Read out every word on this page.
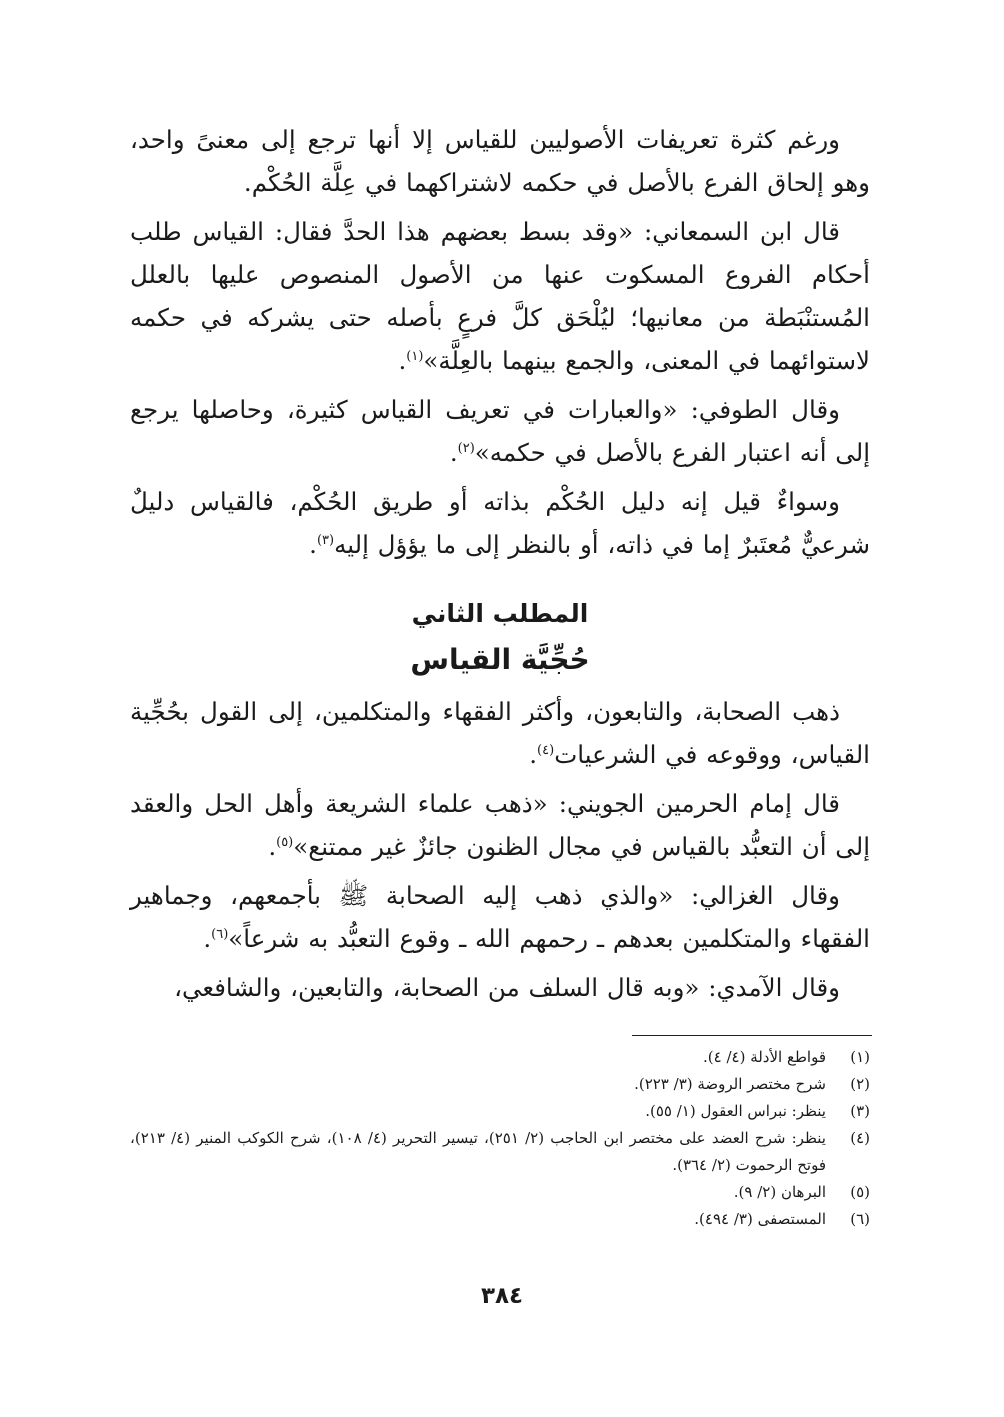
ورغم كثرة تعريفات الأصوليين للقياس إلا أنها ترجع إلى معنىً واحد، وهو إلحاق الفرع بالأصل في حكمه لاشتراكهما في عِلَّة الحُكْم.

قال ابن السمعاني: «وقد بسط بعضهم هذا الحدَّ فقال: القياس طلب أحكام الفروع المسكوت عنها من الأصول المنصوص عليها بالعلل المُستنْبَطة من معانيها؛ ليُلْحَق كلَّ فرعٍ بأصله حتى يشركه في حكمه لاستوائهما في المعنى، والجمع بينهما بالعِلَّة»$^{(١)}$.

وقال الطوفي: «والعبارات في تعريف القياس كثيرة، وحاصلها يرجع إلى أنه اعتبار الفرع بالأصل في حكمه»$^{(٢)}$.

وسواءٌ قيل إنه دليل الحُكْم بذاته أو طريق الحُكْم، فالقياس دليلٌ شرعيٌّ مُعتَبرٌ إما في ذاته، أو بالنظر إلى ما يؤؤل إليه$^{(٣)}$.

المطلب الثاني
حُجِّيَّة القياس

ذهب الصحابة، والتابعون، وأكثر الفقهاء والمتكلمين، إلى القول بحُجِّية القياس، ووقوعه في الشرعيات$^{(٤)}$.

قال إمام الحرمين الجويني: «ذهب علماء الشريعة وأهل الحل والعقد إلى أن التعبُّد بالقياس في مجال الظنون جائزٌ غير ممتنع»$^{(٥)}$.

وقال الغزالي: «والذي ذهب إليه الصحابة ﷺ بأجمعهم، وجماهير الفقهاء والمتكلمين بعدهم ـ رحمهم الله ـ وقوع التعبُّد به شرعاً»$^{(٦)}$.

وقال الآمدي: «وبه قال السلف من الصحابة، والتابعين، والشافعي،

(١)
قواطع الأدلة (٤/ ٤).
(٢)
شرح مختصر الروضة (٣/ ٢٢٣).
(٣)
ينظر: نبراس العقول (١/ ٥٥).
(٤)
ينظر: شرح العضد على مختصر ابن الحاجب (٢/ ٢٥١)، تيسير التحرير (٤/ ١٠٨)، شرح الكوكب المنير (٤/ ٢١٣)، فوتح الرحموت (٢/ ٣٦٤).
(٥)
البرهان (٢/ ٩).
(٦)
المستصفى (٣/ ٤٩٤).
٣٨٤
